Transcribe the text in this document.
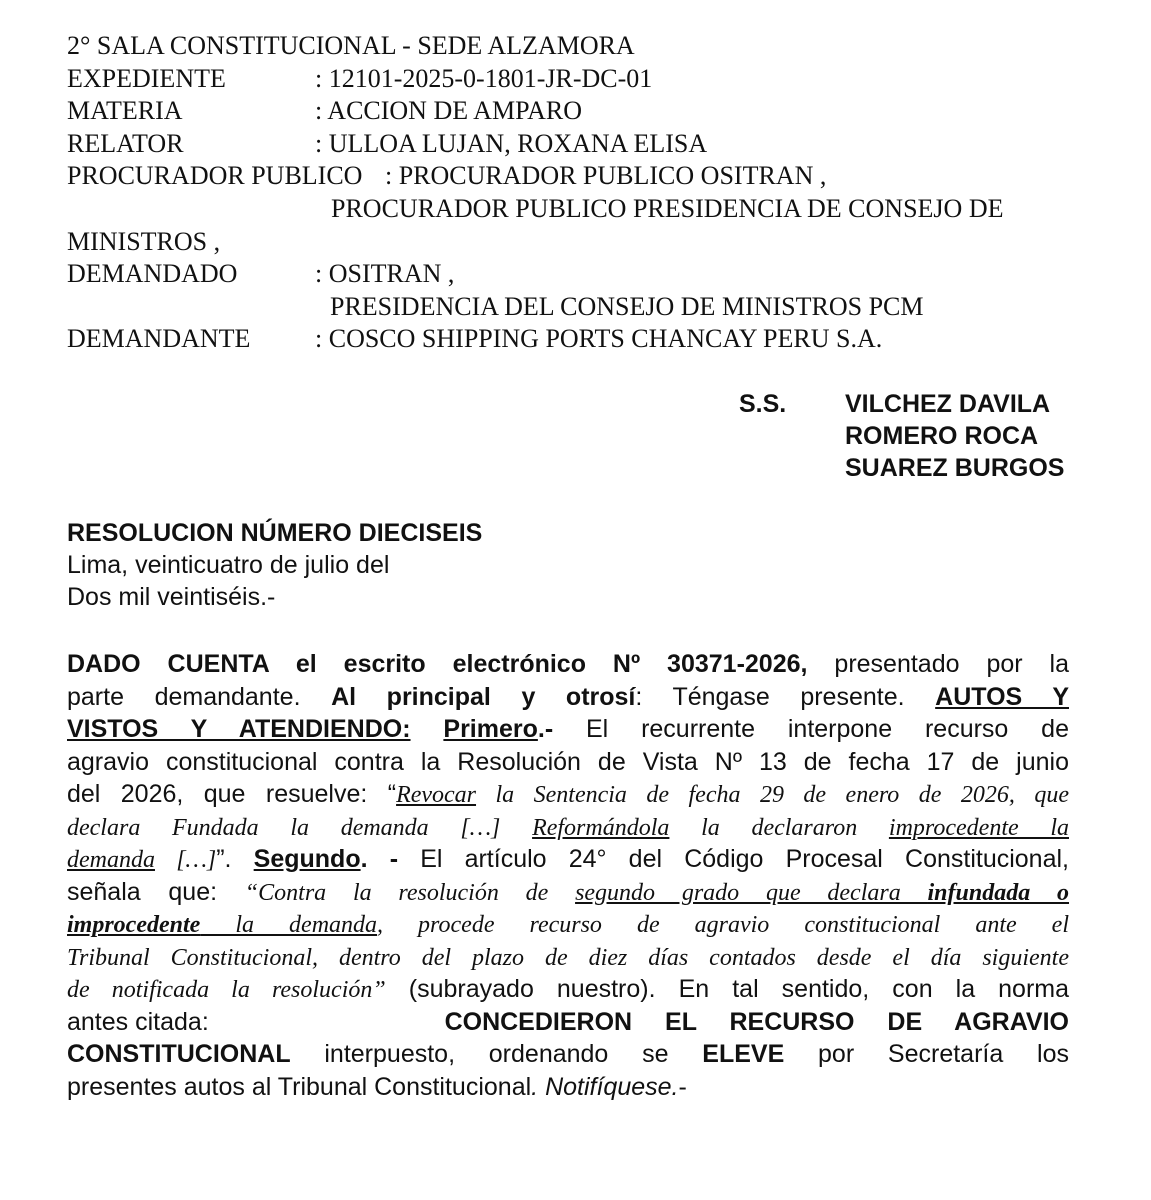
2° SALA CONSTITUCIONAL - SEDE ALZAMORA
EXPEDIENTE	: 12101-2025-0-1801-JR-DC-01
MATERIA	: ACCION DE AMPARO
RELATOR	: ULLOA LUJAN, ROXANA ELISA
PROCURADOR PUBLICO : PROCURADOR PUBLICO OSITRAN ,
PROCURADOR PUBLICO PRESIDENCIA DE CONSEJO DE
MINISTROS ,
DEMANDADO	: OSITRAN ,
PRESIDENCIA DEL CONSEJO DE MINISTROS PCM
DEMANDANTE : COSCO SHIPPING PORTS CHANCAY PERU S.A.
S.S. VILCHEZ DAVILA
ROMERO ROCA
SUAREZ BURGOS
RESOLUCION NÚMERO DIECISEIS
Lima, veinticuatro de julio del
Dos mil veintiséis.-
DADO CUENTA el escrito electrónico Nº 30371-2026, presentado por la
parte demandante. Al principal y otrosí: Téngase presente. AUTOS Y
VISTOS Y ATENDIENDO: Primero.- El recurrente interpone recurso de
agravio constitucional contra la Resolución de Vista Nº 13 de fecha 17 de junio
del 2026, que resuelve: “Revocar la Sentencia de fecha 29 de enero de 2026, que
declara Fundada la demanda […] Reformándola la declararon improcedente la
demanda […]”. Segundo. - El artículo 24° del Código Procesal Constitucional,
señala que: “Contra la resolución de segundo grado que declara infundada o
improcedente la demanda, procede recurso de agravio constitucional ante el
Tribunal Constitucional, dentro del plazo de diez días contados desde el día siguiente
de notificada la resolución” (subrayado nuestro). En tal sentido, con la norma
antes citada:	CONCEDIERON EL RECURSO DE AGRAVIO
CONSTITUCIONAL interpuesto, ordenando se ELEVE por Secretaría los
presentes autos al Tribunal Constitucional. Notifíquese.-
